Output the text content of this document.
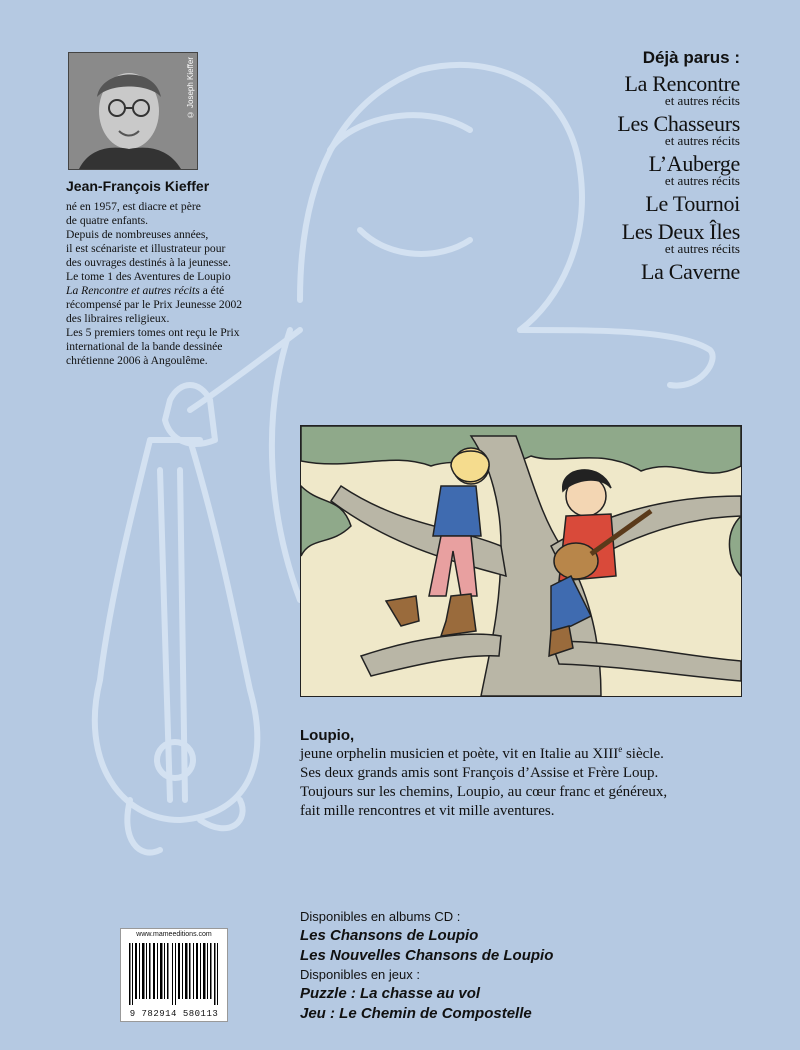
© Joseph Kieffer
Jean-François Kieffer

né en 1957, est diacre et père
de quatre enfants.
Depuis de nombreuses années,
il est scénariste et illustrateur pour
des ouvrages destinés à la jeunesse.
Le tome 1 des Aventures de Loupio
La Rencontre et autres récits a été
récompensé par le Prix Jeunesse 2002
des libraires religieux.
Les 5 premiers tomes ont reçu le Prix
international de la bande dessinée
chrétienne 2006 à Angoulême.

Déjà parus :

La Rencontre
et autres récits
Les Chasseurs
et autres récits
L’Auberge
et autres récits
Le Tournoi
Les Deux Îles
et autres récits
La Caverne

Loupio,

jeune orphelin musicien et poète, vit en Italie au XIIIe siècle.

Ses deux grands amis sont François d’Assise et Frère Loup.

Toujours sur les chemins, Loupio, au cœur franc et généreux,

fait mille rencontres et vit mille aventures.

Disponibles en albums CD :

Les Chansons de Loupio

Les Nouvelles Chansons de Loupio

Disponibles en jeux :

Puzzle : La chasse au vol

Jeu : Le Chemin de Compostelle

www.mameeditions.com
9 782914 580113
